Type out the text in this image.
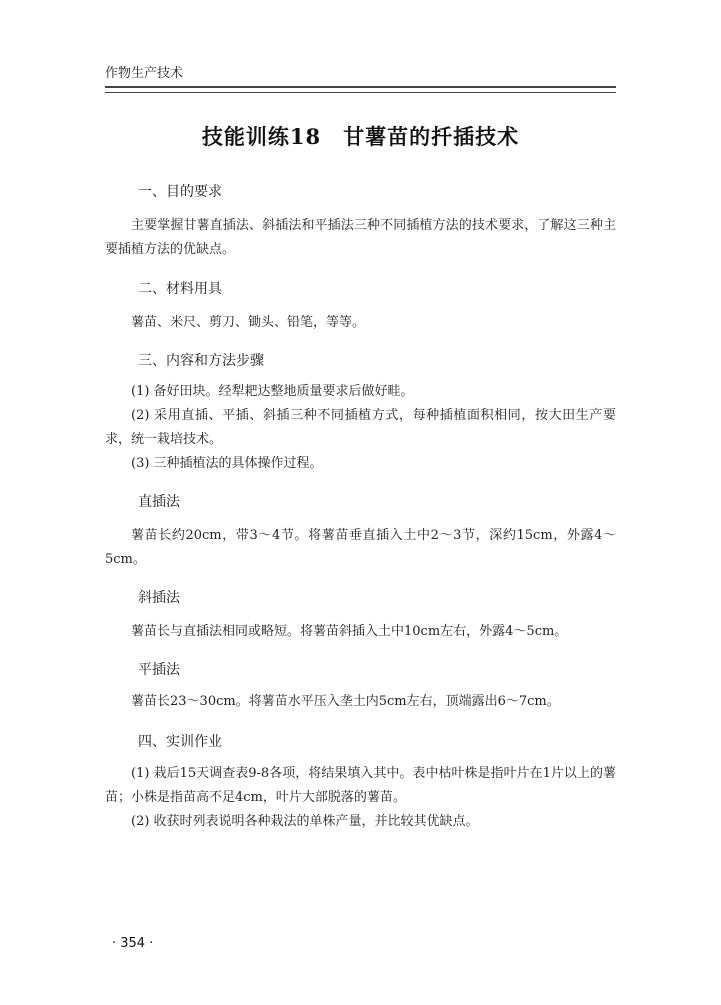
作物生产技术
技能训练18　甘薯苗的扦插技术
一、目的要求
主要掌握甘薯直插法、斜插法和平插法三种不同插植方法的技术要求，了解这三种主要插植方法的优缺点。
二、材料用具
薯苗、米尺、剪刀、锄头、铅笔，等等。
三、内容和方法步骤
(1) 备好田块。经犁耙达整地质量要求后做好畦。
(2) 采用直插、平插、斜插三种不同插植方式，每种插植面积相同，按大田生产要求，统一栽培技术。
(3) 三种插植法的具体操作过程。
直插法
薯苗长约20cm，带3～4节。将薯苗垂直插入土中2～3节，深约15cm，外露4～5cm。
斜插法
薯苗长与直插法相同或略短。将薯苗斜插入土中10cm左右，外露4～5cm。
平插法
薯苗长23～30cm。将薯苗水平压入垄土内5cm左右，顶端露出6～7cm。
四、实训作业
(1) 栽后15天调查表9-8各项，将结果填入其中。表中枯叶株是指叶片在1片以上的薯苗；小株是指苗高不足4cm，叶片大部脱落的薯苗。
(2) 收获时列表说明各种栽法的单株产量，并比较其优缺点。
· 354 ·
